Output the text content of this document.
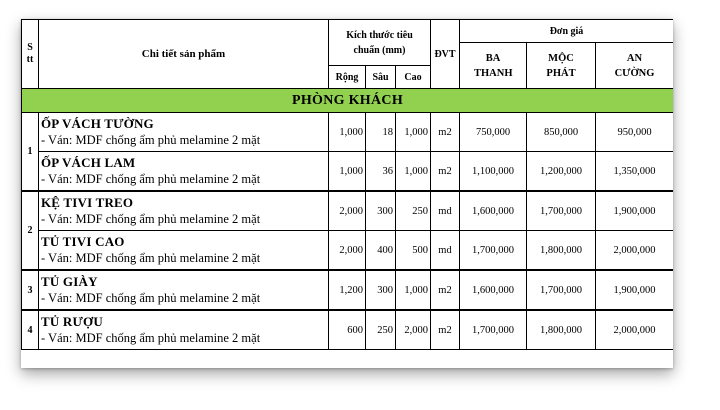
S
tt	Chi tiết sản phẩm	Kích thước tiêu chuẩn (mm)			ĐVT	Đơn giá		
						BA THANH	MỘC PHÁT	AN CƯỜNG
		Rộng	Sâu	Cao				
PHÒNG KHÁCH								
1	ỐP VÁCH TƯỜNG
- Ván: MDF chống ẩm phủ melamine 2 mặt	1,000	18	1,000	m2	750,000	850,000	950,000

	ỐP VÁCH LAM
- Ván: MDF chống ẩm phủ melamine 2 mặt	1,000	36	1,000	m2	1,100,000	1,200,000	1,350,000
2	KỆ TIVI TREO
- Ván: MDF chống ẩm phủ melamine 2 mặt	2,000	300	250	md	1,600,000	1,700,000	1,900,000

	TỦ TIVI CAO
- Ván: MDF chống ẩm phủ melamine 2 mặt	2,000	400	500	md	1,700,000	1,800,000	2,000,000
3	TỦ GIÀY
- Ván: MDF chống ẩm phủ melamine 2 mặt	1,200	300	1,000	m2	1,600,000	1,700,000	1,900,000
4	TỦ RƯỢU
- Ván: MDF chống ẩm phủ melamine 2 mặt	600	250	2,000	m2	1,700,000	1,800,000	2,000,000
